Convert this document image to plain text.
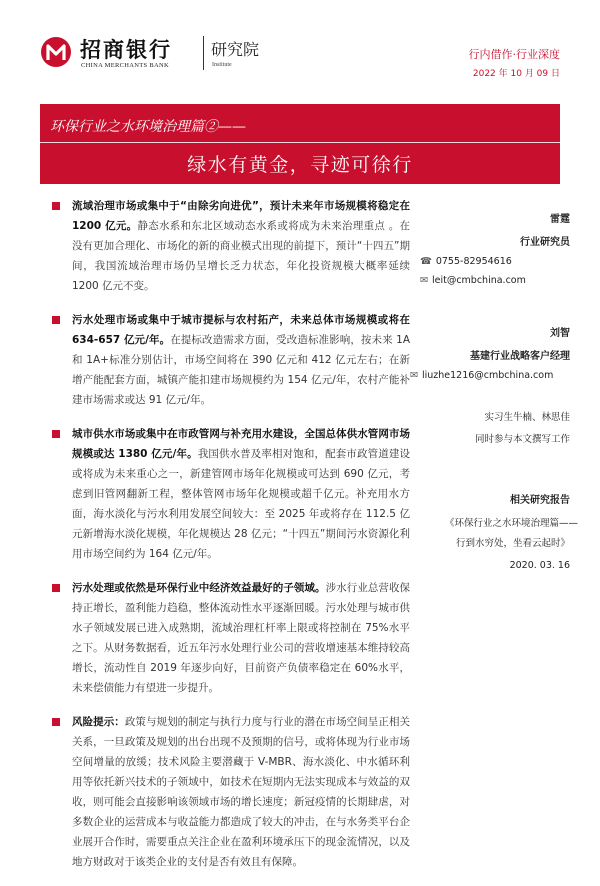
招商银行
CHINA MERCHANTS BANK
研究院
Institute
行内借作·行业深度
2022 年 10 月 09 日
环保行业之水环境治理篇②——
绿水有黄金，寻迹可徐行
流域治理市场或集中于“由除劣向进优”，预计未来年市场规模将稳定在 1200 亿元。静态水系和东北区域动态水系或将成为未来治理重点 。在没有更加合理化、市场化的新的商业模式出现的前提下，预计“十四五”期间，我国流域治理市场仍呈增长乏力状态，年化投资规模大概率延续 1200 亿元不变。
污水处理市场或集中于城市提标与农村拓产，未来总体市场规模或将在 634-657 亿元/年。在提标改造需求方面，受改造标准影响，按未来 1A 和 1A+标准分别估计，市场空间将在 390 亿元和 412 亿元左右；在新增产能配套方面，城镇产能扣建市场规模约为 154 亿元/年，农村产能补建市场需求或达 91 亿元/年。
城市供水市场或集中在市政管网与补充用水建设，全国总体供水管网市场规模或达 1380 亿元/年。我国供水普及率相对饱和，配套市政管道建设或将成为未来重心之一，新建管网市场年化规模或可达到 690 亿元，考虑到旧管网翻新工程，整体管网市场年化规模或超千亿元。补充用水方面，海水淡化与污水利用发展空间较大：至 2025 年或将存在 112.5 亿元新增海水淡化规模，年化规模达 28 亿元；“十四五”期间污水资源化利用市场空间约为 164 亿元/年。
污水处理或依然是环保行业中经济效益最好的子领域。涉水行业总营收保持正增长，盈利能力趋稳，整体流动性水平逐渐回暖。污水处理与城市供水子领域发展已进入成熟期，流域治理杠杆率上限或将控制在 75%水平之下。从财务数据看，近五年污水处理行业公司的营收增速基本维持较高增长，流动性自 2019 年逐步向好，目前资产负债率稳定在 60%水平，未来偿债能力有望进一步提升。
风险提示：政策与规划的制定与执行力度与行业的潜在市场空间呈正相关关系，一旦政策及规划的出台出现不及预期的信号，或将体现为行业市场空间增量的放缓；技术风险主要潜藏于 V-MBR、海水淡化、中水循环利用等依托新兴技术的子领域中，如技术在短期内无法实现成本与效益的双收，则可能会直接影响该领域市场的增长速度；新冠疫情的长期肆虐，对多数企业的运营成本与收益能力都造成了较大的冲击，在与水务类平台企业展开合作时，需要重点关注企业在盈利环境承压下的现金流情况，以及地方财政对于该类企业的支付是否有效且有保障。
雷霆
行业研究员
☎ 0755-82954616
✉ leit@cmbchina.com
刘智
基建行业战略客户经理
✉ liuzhe1216@cmbchina.com
实习生牛楠、林思佳
同时参与本文撰写工作
相关研究报告
《环保行业之水环境治理篇——
行到水穷处，坐看云起时》
2020. 03. 16
